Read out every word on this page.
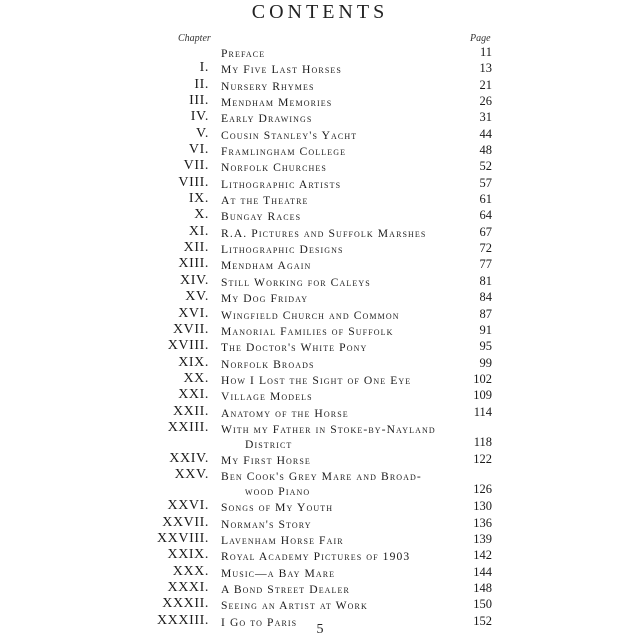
CONTENTS
Chapter	Page
Preface	11
I. My Five Last Horses	13
II. Nursery Rhymes	21
III. Mendham Memories	26
IV. Early Drawings	31
V. Cousin Stanley's Yacht	44
VI. Framlingham College	48
VII. Norfolk Churches	52
VIII. Lithographic Artists	57
IX. At the Theatre	61
X. Bungay Races	64
XI. R.A. Pictures and Suffolk Marshes	67
XII. Lithographic Designs	72
XIII. Mendham Again	77
XIV. Still Working for Caleys	81
XV. My Dog Friday	84
XVI. Wingfield Church and Common	87
XVII. Manorial Families of Suffolk	91
XVIII. The Doctor's White Pony	95
XIX. Norfolk Broads	99
XX. How I Lost the Sight of One Eye	102
XXI. Village Models	109
XXII. Anatomy of the Horse	114
XXIII. With my Father in Stoke-by-Nayland
District	118
XXIV. My First Horse	122
XXV. Ben Cook's Grey Mare and Broad-
wood Piano	126
XXVI. Songs of My Youth	130
XXVII. Norman's Story	136
XXVIII. Lavenham Horse Fair	139
XXIX. Royal Academy Pictures of 1903	142
XXX. Music—a Bay Mare	144
XXXI. A Bond Street Dealer	148
XXXII. Seeing an Artist at Work	150
XXXIII. I Go to Paris	152
5
